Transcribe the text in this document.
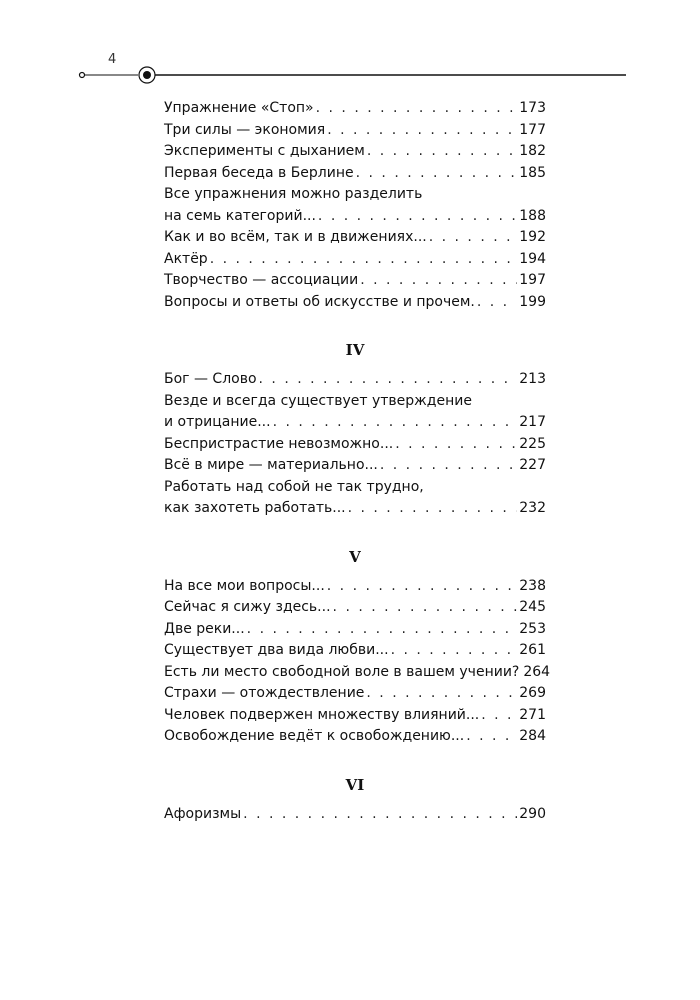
4
Упражнение «Стоп» . . .	173
Три силы — экономия . . .	177
Эксперименты с дыханием . . .	182
Первая беседа в Берлине . . .	185
Все упражнения можно разделить
на семь категорий... . . .	188
Как и во всём, так и в движениях... . . .	192
Актёр . . .	194
Творчество — ассоциации . . .	197
Вопросы и ответы об искусстве и прочем. . . .	199
IV
Бог — Слово . . .	213
Везде и всегда существует утверждение
и отрицание... . . .	217
Беспристрастие невозможно... . . .	225
Всё в мире — материально... . . .	227
Работать над собой не так трудно,
как захотеть работать... . . .	232
V
На все мои вопросы... . . .	238
Сейчас я сижу здесь... . . .	245
Две реки... . . .	253
Существует два вида любви... . . .	261
Есть ли место свободной воле в вашем учении? 264
Страхи — отождествление . . .	269
Человек подвержен множеству влияний... . . .	271
Освобождение ведёт к освобождению... . . .	284
VI
Афоризмы . . .	290
